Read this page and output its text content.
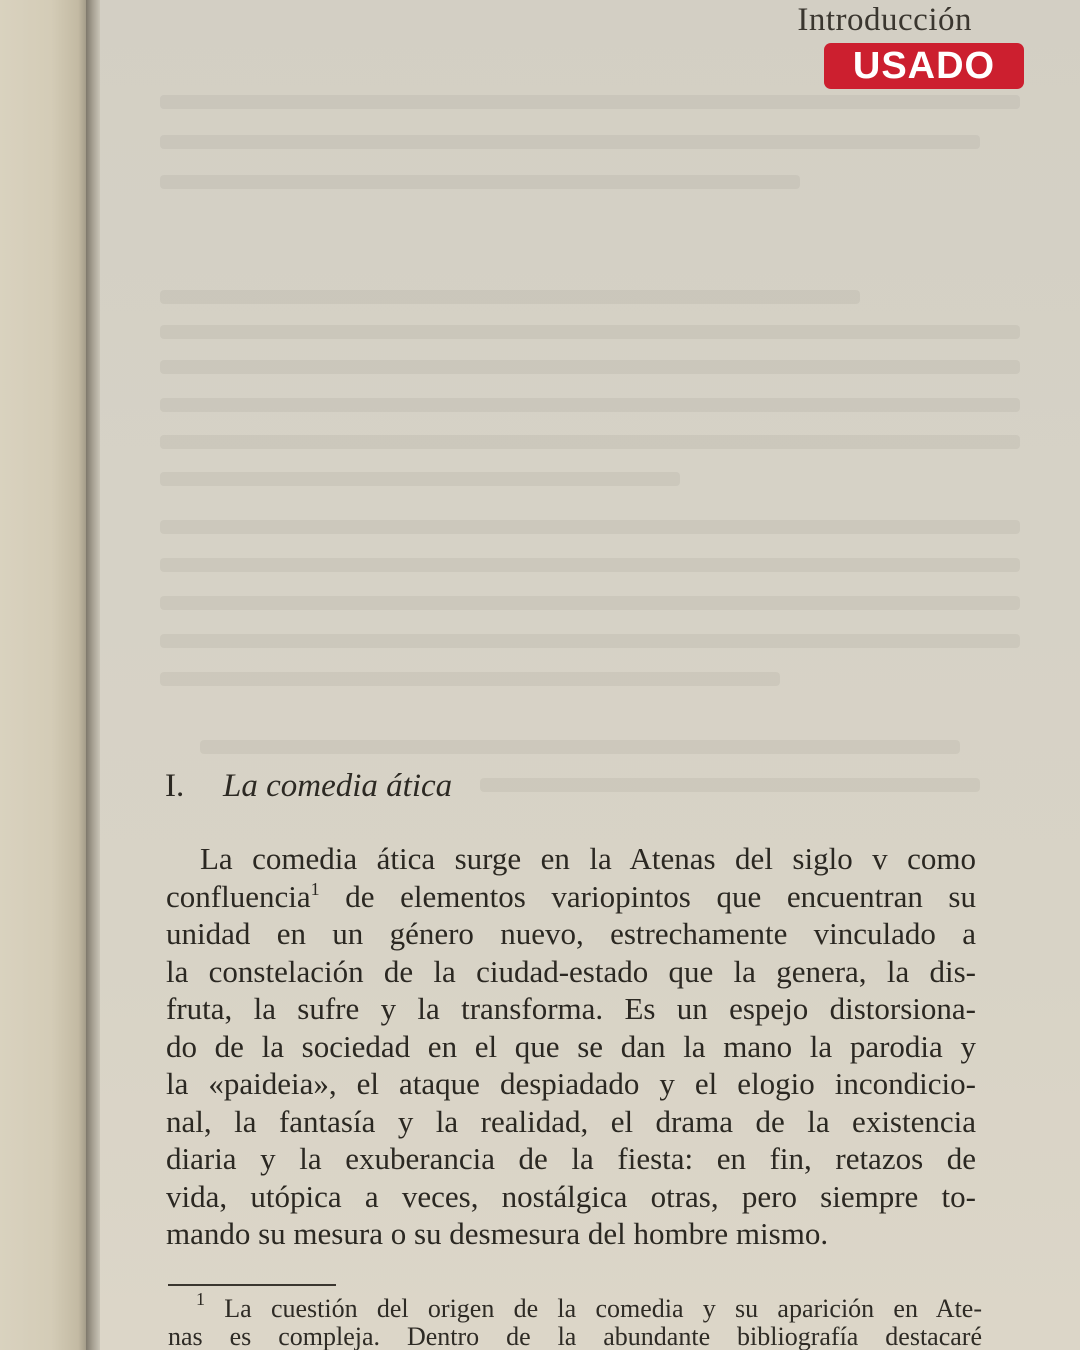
Introducción
USADO
I. La comedia ática
La comedia ática surge en la Atenas del siglo v como
confluencia$^1$ de elementos variopintos que encuentran su
unidad en un género nuevo, estrechamente vinculado a
la constelación de la ciudad-estado que la genera, la dis-
fruta, la sufre y la transforma. Es un espejo distorsiona-
do de la sociedad en el que se dan la mano la parodia y
la «paideia», el ataque despiadado y el elogio incondicio-
nal, la fantasía y la realidad, el drama de la existencia
diaria y la exuberancia de la fiesta: en fin, retazos de
vida, utópica a veces, nostálgica otras, pero siempre to-
mando su mesura o su desmesura del hombre mismo.
$^1$ La cuestión del origen de la comedia y su aparición en Ate-
nas es compleja. Dentro de la abundante bibliografía destacaré
